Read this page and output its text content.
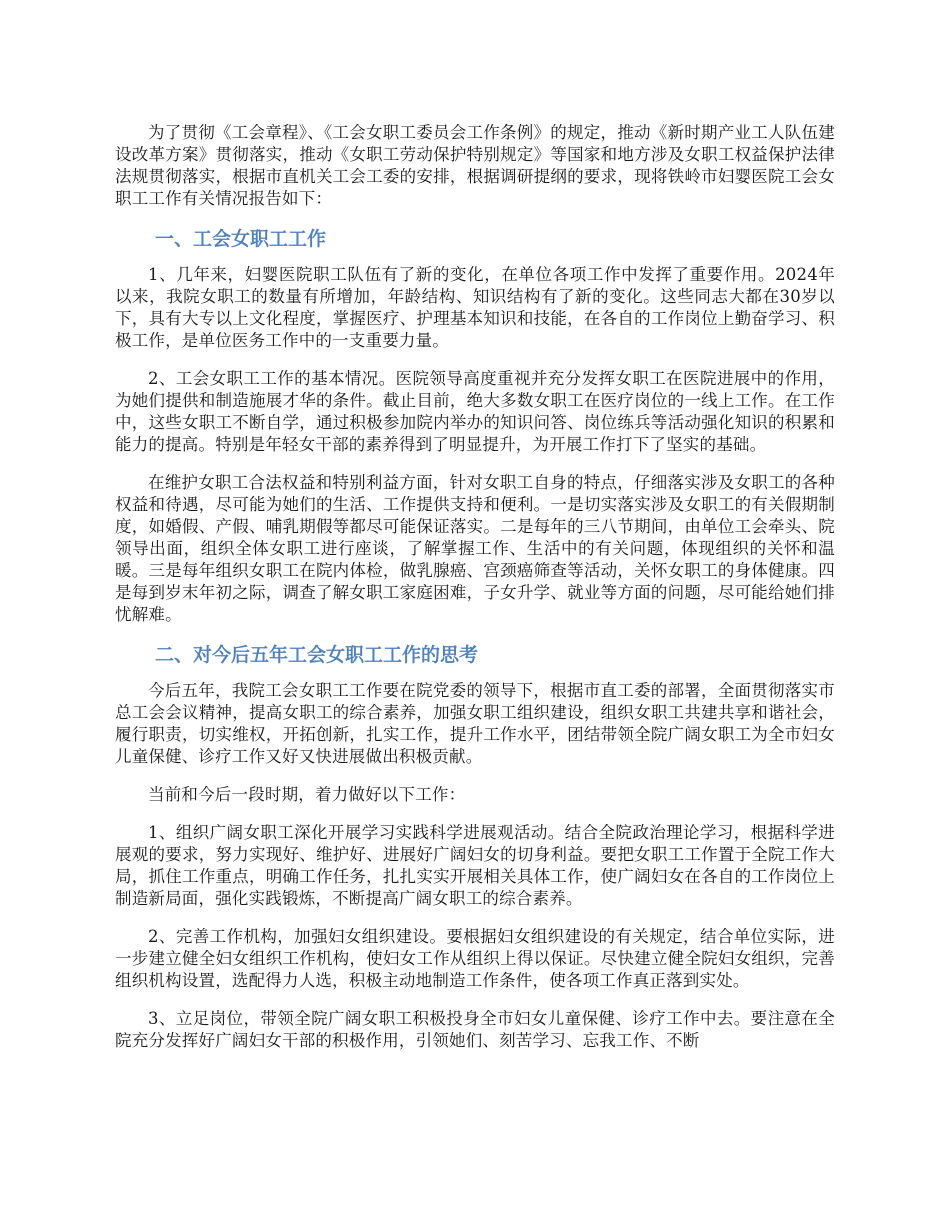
为了贯彻《工会章程》、《工会女职工委员会工作条例》的规定，推动《新时期产业工人队伍建设改革方案》贯彻落实，推动《女职工劳动保护特别规定》等国家和地方涉及女职工权益保护法律法规贯彻落实，根据市直机关工会工委的安排，根据调研提纲的要求，现将铁岭市妇婴医院工会女职工工作有关情况报告如下：

一、工会女职工工作

1、几年来，妇婴医院职工队伍有了新的变化，在单位各项工作中发挥了重要作用。2024年以来，我院女职工的数量有所增加，年龄结构、知识结构有了新的变化。这些同志大都在30岁以下，具有大专以上文化程度，掌握医疗、护理基本知识和技能，在各自的工作岗位上勤奋学习、积极工作，是单位医务工作中的一支重要力量。

2、工会女职工工作的基本情况。医院领导高度重视并充分发挥女职工在医院进展中的作用，为她们提供和制造施展才华的条件。截止目前，绝大多数女职工在医疗岗位的一线上工作。在工作中，这些女职工不断自学，通过积极参加院内举办的知识问答、岗位练兵等活动强化知识的积累和能力的提高。特别是年轻女干部的素养得到了明显提升，为开展工作打下了坚实的基础。

在维护女职工合法权益和特别利益方面，针对女职工自身的特点，仔细落实涉及女职工的各种权益和待遇，尽可能为她们的生活、工作提供支持和便利。一是切实落实涉及女职工的有关假期制度，如婚假、产假、哺乳期假等都尽可能保证落实。二是每年的三八节期间，由单位工会牵头、院领导出面，组织全体女职工进行座谈，了解掌握工作、生活中的有关问题，体现组织的关怀和温暖。三是每年组织女职工在院内体检，做乳腺癌、宫颈癌筛查等活动，关怀女职工的身体健康。四是每到岁末年初之际，调查了解女职工家庭困难，子女升学、就业等方面的问题，尽可能给她们排忧解难。

二、对今后五年工会女职工工作的思考

今后五年，我院工会女职工工作要在院党委的领导下，根据市直工委的部署，全面贯彻落实市总工会会议精神，提高女职工的综合素养，加强女职工组织建设，组织女职工共建共享和谐社会，履行职责，切实维权，开拓创新，扎实工作，提升工作水平，团结带领全院广阔女职工为全市妇女儿童保健、诊疗工作又好又快进展做出积极贡献。

当前和今后一段时期，着力做好以下工作：

1、组织广阔女职工深化开展学习实践科学进展观活动。结合全院政治理论学习，根据科学进展观的要求，努力实现好、维护好、进展好广阔妇女的切身利益。要把女职工工作置于全院工作大局，抓住工作重点，明确工作任务，扎扎实实开展相关具体工作，使广阔妇女在各自的工作岗位上制造新局面，强化实践锻炼，不断提高广阔女职工的综合素养。

2、完善工作机构，加强妇女组织建设。要根据妇女组织建设的有关规定，结合单位实际，进一步建立健全妇女组织工作机构，使妇女工作从组织上得以保证。尽快建立健全院妇女组织，完善组织机构设置，选配得力人选，积极主动地制造工作条件，使各项工作真正落到实处。

3、立足岗位，带领全院广阔女职工积极投身全市妇女儿童保健、诊疗工作中去。要注意在全院充分发挥好广阔妇女干部的积极作用，引领她们、刻苦学习、忘我工作、不断
